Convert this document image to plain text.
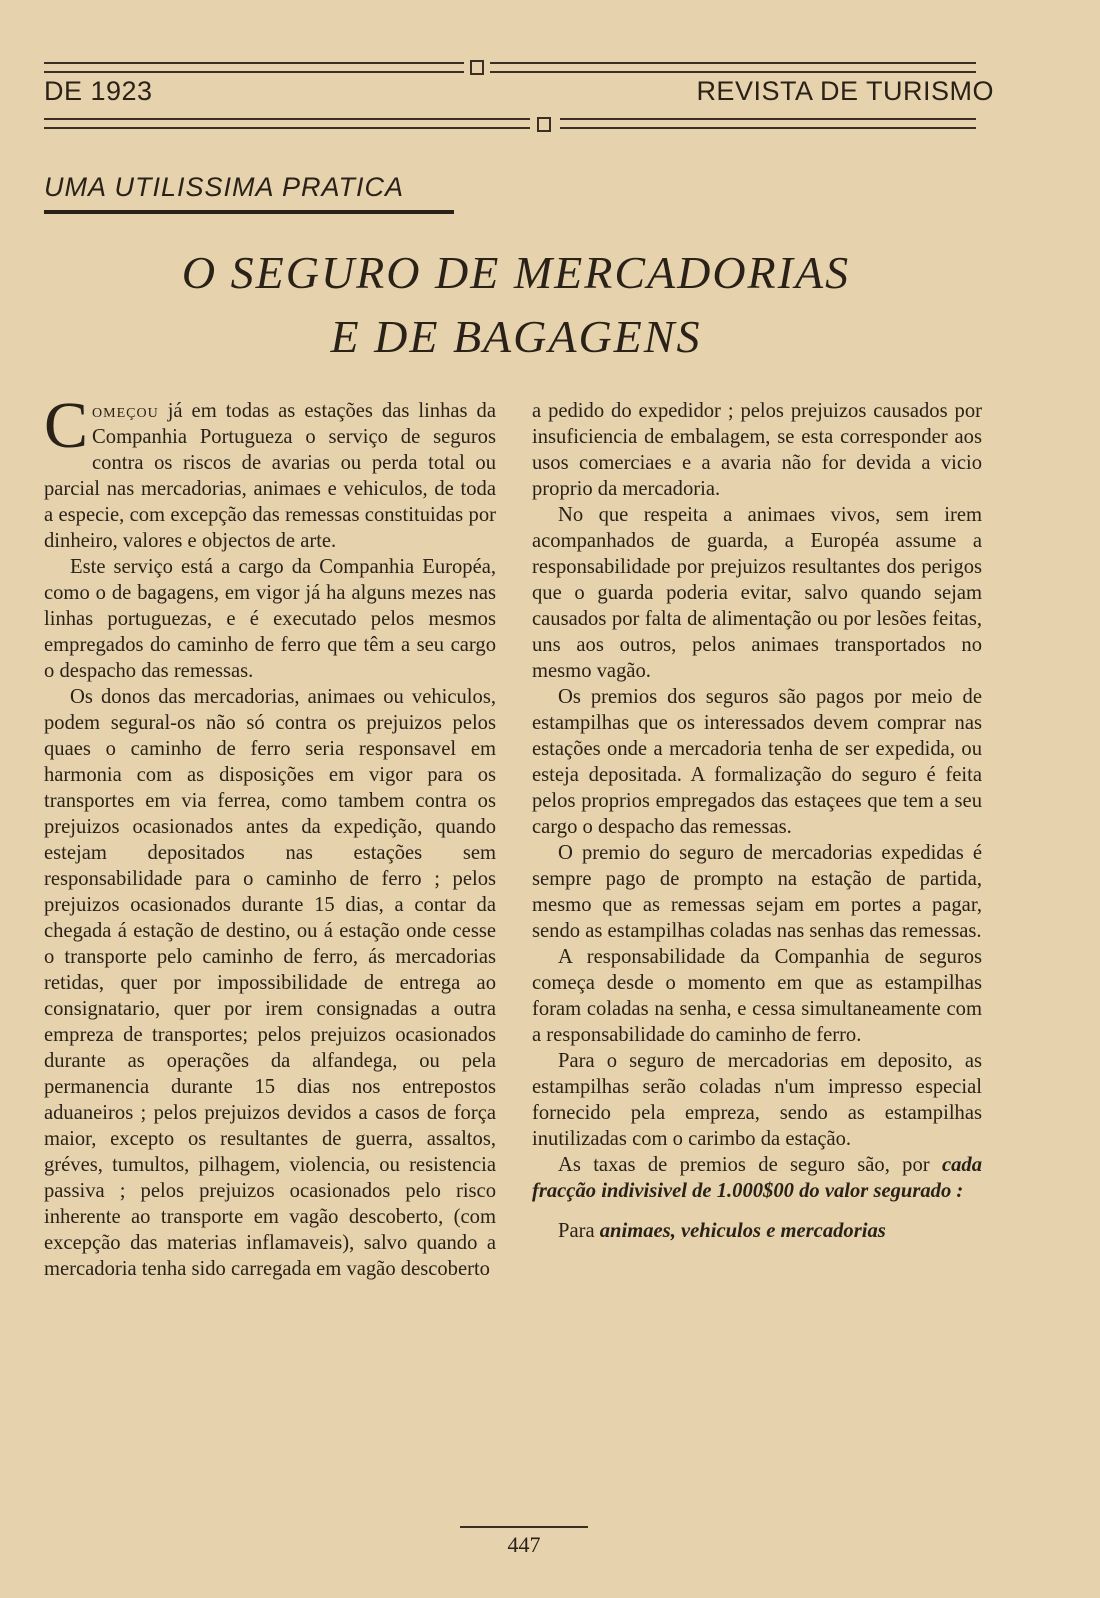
DE 1923	REVISTA DE TURISMO
UMA UTILISSIMA PRATICA
O SEGURO DE MERCADORIAS
E DE BAGAGENS

Começou já em todas as estações das linhas da Companhia Portugueza o serviço de seguros contra os riscos de avarias ou perda total ou parcial nas mercadorias, animaes e vehiculos, de toda a especie, com excepção das remessas constituidas por dinheiro, valores e objectos de arte.

Este serviço está a cargo da Companhia Européa, como o de bagagens, em vigor já ha alguns mezes nas linhas portuguezas, e é executado pelos mesmos empregados do caminho de ferro que têm a seu cargo o despacho das remessas.

Os donos das mercadorias, animaes ou vehiculos, podem segural-os não só contra os prejuizos pelos quaes o caminho de ferro seria responsavel em harmonia com as disposições em vigor para os transportes em via ferrea, como tambem contra os prejuizos ocasionados antes da expedição, quando estejam depositados nas estações sem responsabilidade para o caminho de ferro ; pelos prejuizos ocasionados durante 15 dias, a contar da chegada á estação de destino, ou á estação onde cesse o transporte pelo caminho de ferro, ás mercadorias retidas, quer por impossibilidade de entrega ao consignatario, quer por irem consignadas a outra empreza de transportes; pelos prejuizos ocasionados durante as operações da alfandega, ou pela permanencia durante 15 dias nos entrepostos aduaneiros ; pelos prejuizos devidos a casos de força maior, excepto os resultantes de guerra, assaltos, gréves, tumultos, pilhagem, violencia, ou resistencia passiva ; pelos prejuizos ocasionados pelo risco inherente ao transporte em vagão descoberto, (com excepção das materias inflamaveis), salvo quando a mercadoria tenha sido carregada em vagão descoberto

a pedido do expedidor ; pelos prejuizos causados por insuficiencia de embalagem, se esta corresponder aos usos comerciaes e a avaria não for devida a vicio proprio da mercadoria.

No que respeita a animaes vivos, sem irem acompanhados de guarda, a Européa assume a responsabilidade por prejuizos resultantes dos perigos que o guarda poderia evitar, salvo quando sejam causados por falta de alimentação ou por lesões feitas, uns aos outros, pelos animaes transportados no mesmo vagão.

Os premios dos seguros são pagos por meio de estampilhas que os interessados devem comprar nas estações onde a mercadoria tenha de ser expedida, ou esteja depositada. A formalização do seguro é feita pelos proprios empregados das estaçees que tem a seu cargo o despacho das remessas.

O premio do seguro de mercadorias expedidas é sempre pago de prompto na estação de partida, mesmo que as remessas sejam em portes a pagar, sendo as estampilhas coladas nas senhas das remessas.

A responsabilidade da Companhia de seguros começa desde o momento em que as estampilhas foram coladas na senha, e cessa simultaneamente com a responsabilidade do caminho de ferro.

Para o seguro de mercadorias em deposito, as estampilhas serão coladas n'um impresso especial fornecido pela empreza, sendo as estampilhas inutilizadas com o carimbo da estação.

As taxas de premios de seguro são, por cada fracção indivisivel de 1.000$00 do valor segurado :

Para animaes, vehiculos e mercadorias

447
